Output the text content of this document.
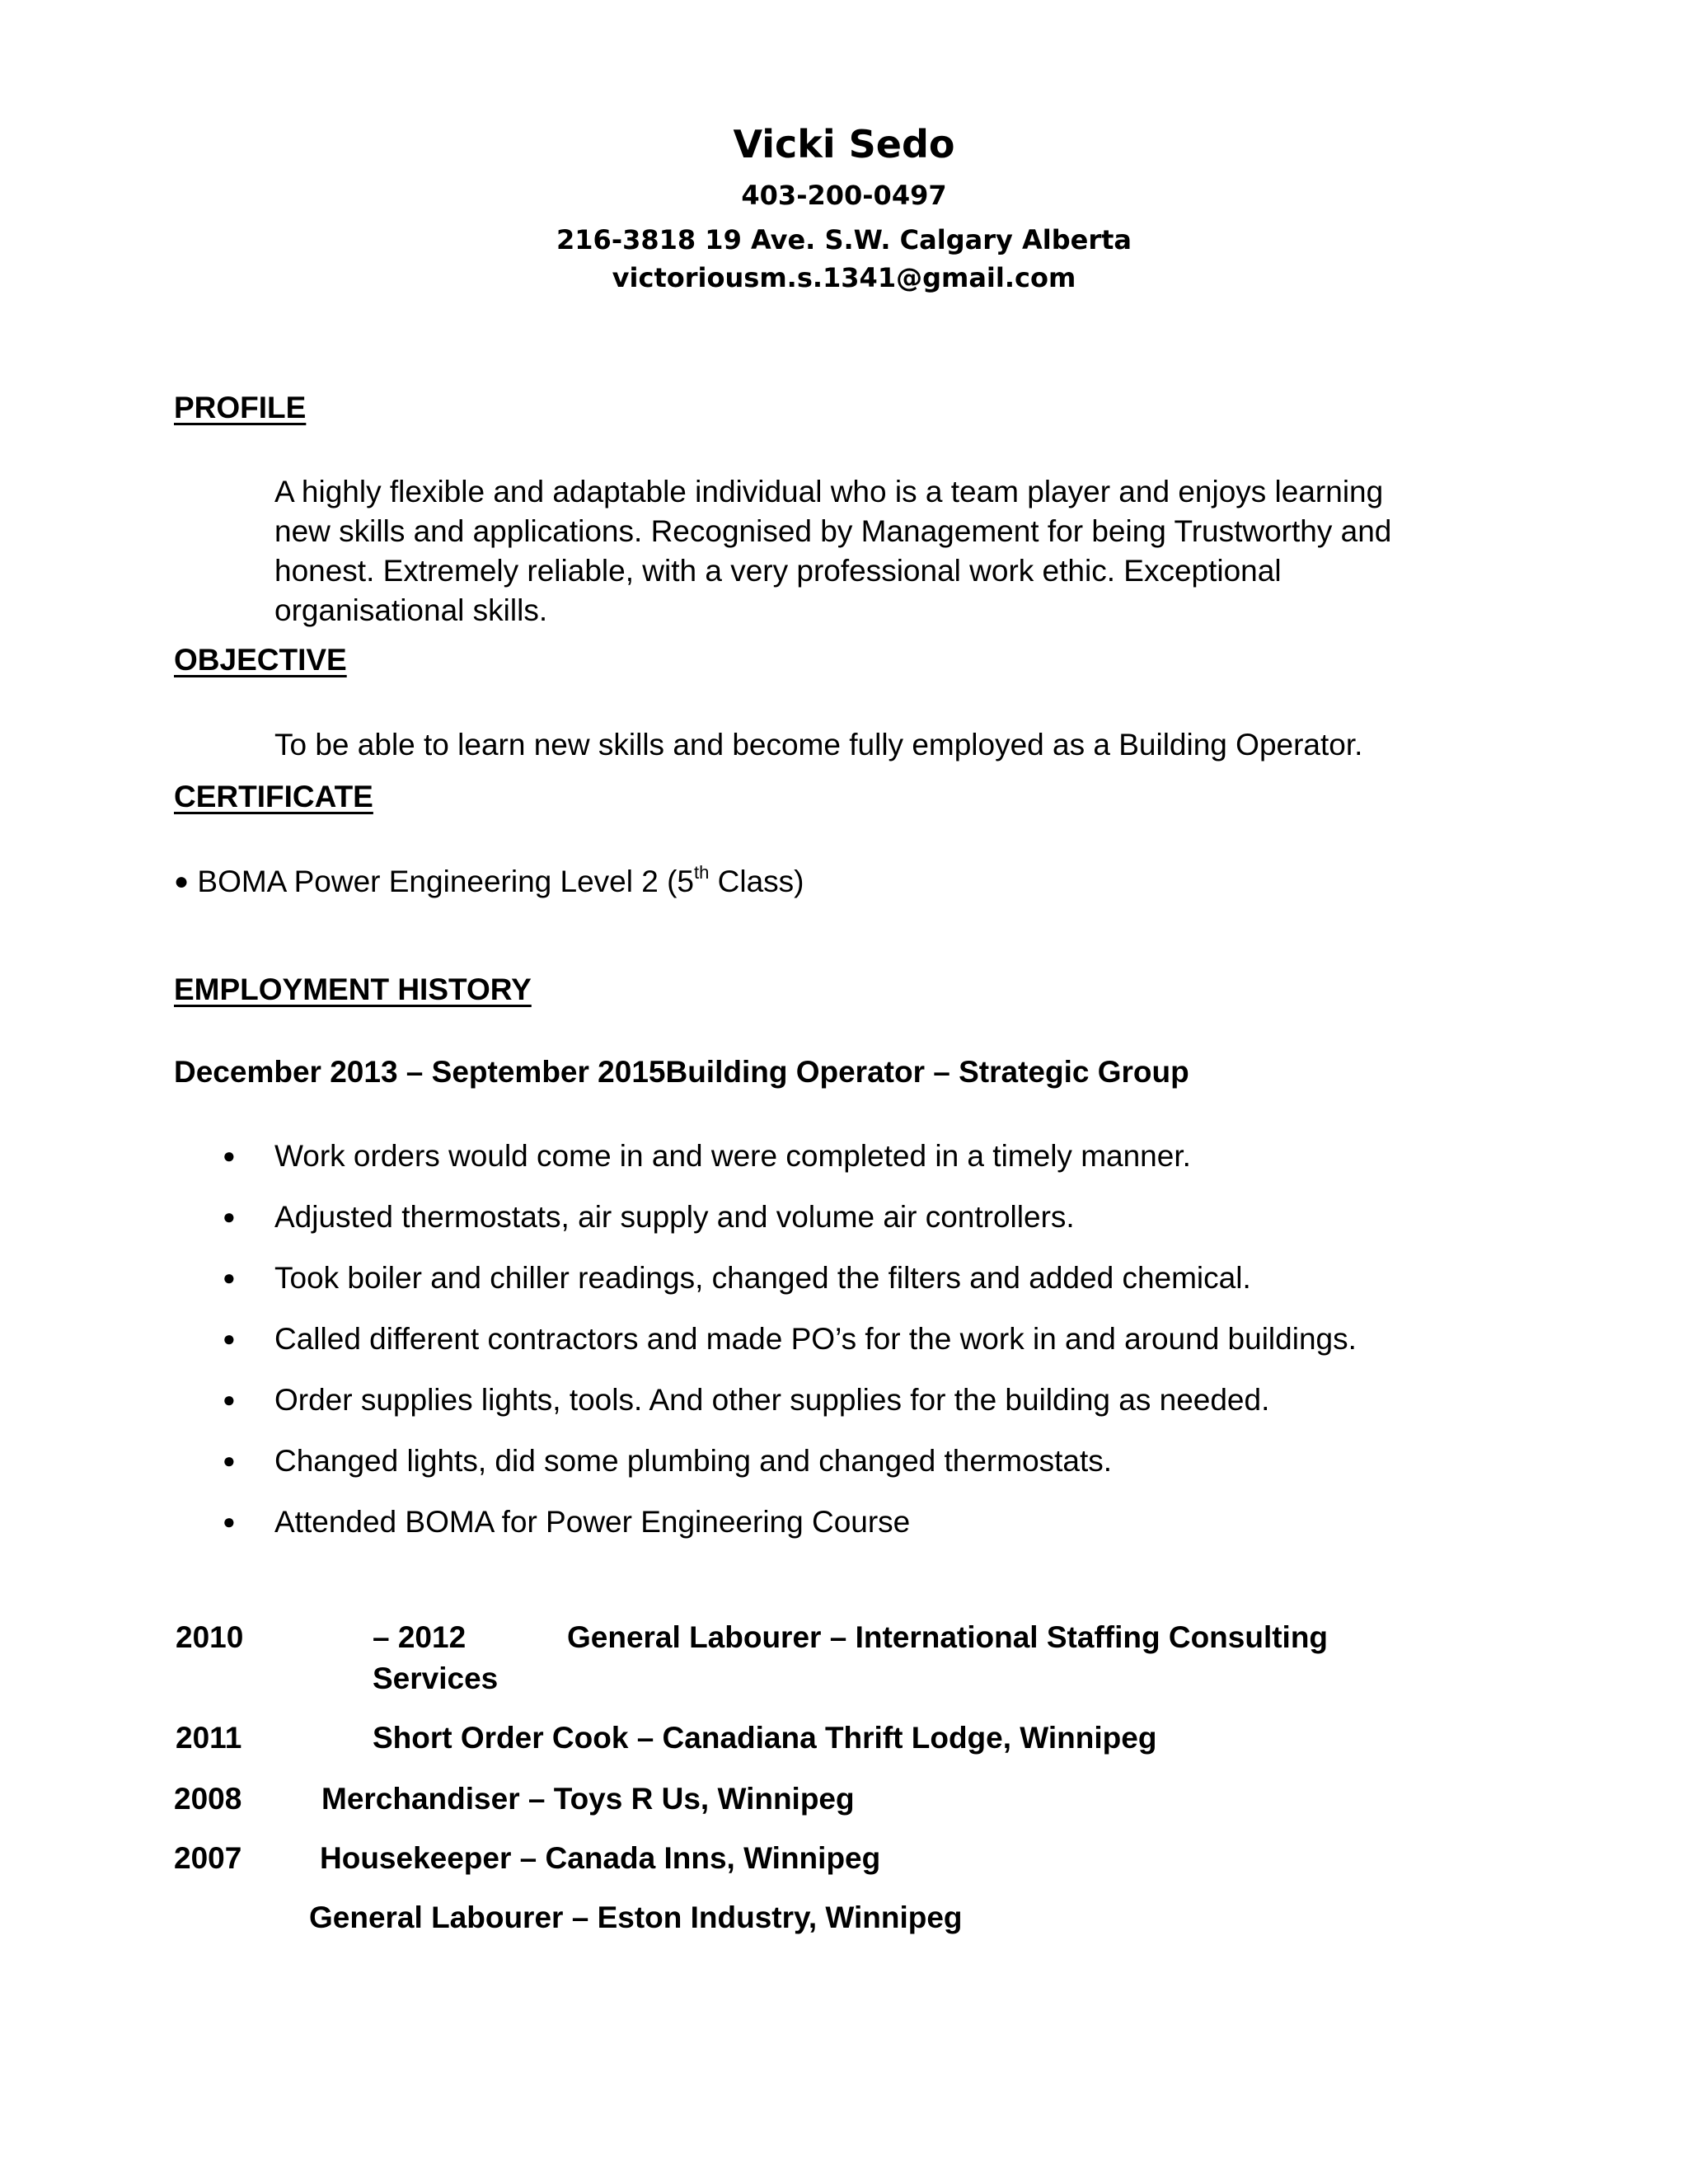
Vicki Sedo
403-200-0497
216-3818 19 Ave. S.W. Calgary Alberta
victoriousm.s.1341@gmail.com
PROFILE
A highly flexible and adaptable individual who is a team player and enjoys learning
new skills and applications. Recognised by Management for being Trustworthy and
honest. Extremely reliable, with a very professional work ethic. Exceptional
organisational skills.
OBJECTIVE
To be able to learn new skills and become fully employed as a Building Operator.
CERTIFICATE
● BOMA Power Engineering Level 2 (5th Class)
EMPLOYMENT HISTORY
December 2013 – September 2015Building Operator – Strategic Group
● Work orders would come in and were completed in a timely manner.
● Adjusted thermostats, air supply and volume air controllers.
● Took boiler and chiller readings, changed the filters and added chemical.
● Called different contractors and made PO’s for the work in and around buildings.
● Order supplies lights, tools. And other supplies for the building as needed.
● Changed lights, did some plumbing and changed thermostats.
● Attended BOMA for Power Engineering Course
2010	– 2012	General Labourer – International Staffing Consulting
Services
2011	Short Order Cook – Canadiana Thrift Lodge, Winnipeg
2008	Merchandiser – Toys R Us, Winnipeg
2007	Housekeeper – Canada Inns, Winnipeg
General Labourer – Eston Industry, Winnipeg
